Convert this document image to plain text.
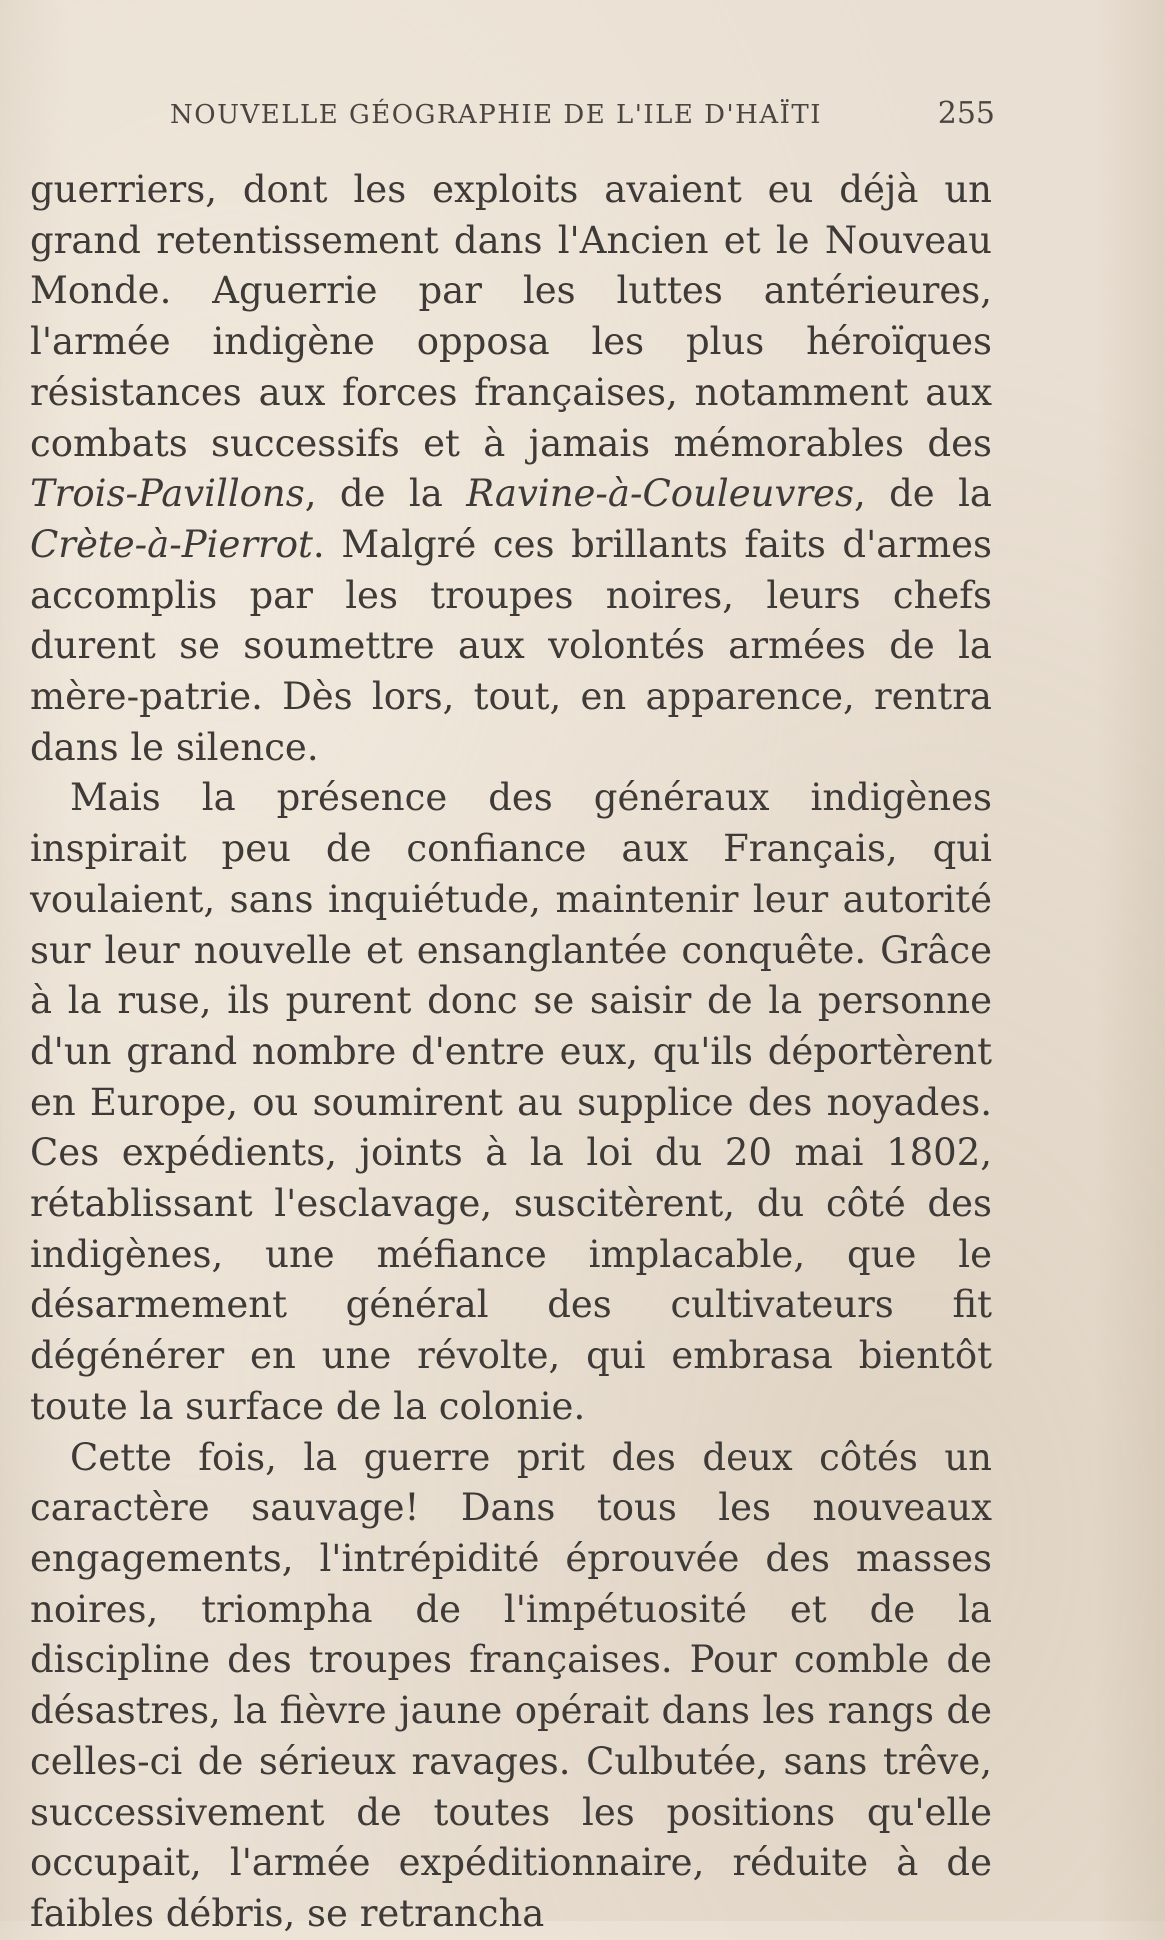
NOUVELLE GÉOGRAPHIE DE L'ILE D'HAÏTI	255

guerriers, dont les exploits avaient eu déjà un grand retentissement dans l'Ancien et le Nouveau Monde. Aguerrie par les luttes antérieures, l'armée indigène opposa les plus héroïques résistances aux forces françaises, notamment aux combats successifs et à jamais mémorables des Trois-Pavillons, de la Ravine-à-Couleuvres, de la Crète-à-Pierrot. Malgré ces brillants faits d'armes accomplis par les troupes noires, leurs chefs durent se soumettre aux volontés armées de la mère-patrie. Dès lors, tout, en apparence, rentra dans le silence.

Mais la présence des généraux indigènes inspirait peu de confiance aux Français, qui voulaient, sans inquiétude, maintenir leur autorité sur leur nouvelle et ensanglantée conquête. Grâce à la ruse, ils purent donc se saisir de la personne d'un grand nombre d'entre eux, qu'ils déportèrent en Europe, ou soumirent au supplice des noyades. Ces expédients, joints à la loi du 20 mai 1802, rétablissant l'esclavage, suscitèrent, du côté des indigènes, une méfiance implacable, que le désarmement général des cultivateurs fit dégénérer en une révolte, qui embrasa bientôt toute la surface de la colonie.

Cette fois, la guerre prit des deux côtés un caractère sauvage! Dans tous les nouveaux engagements, l'intrépidité éprouvée des masses noires, triompha de l'impétuosité et de la discipline des troupes françaises. Pour comble de désastres, la fièvre jaune opérait dans les rangs de celles-ci de sérieux ravages. Culbutée, sans trêve, successivement de toutes les positions qu'elle occupait, l'armée expéditionnaire, réduite à de faibles débris, se retrancha
